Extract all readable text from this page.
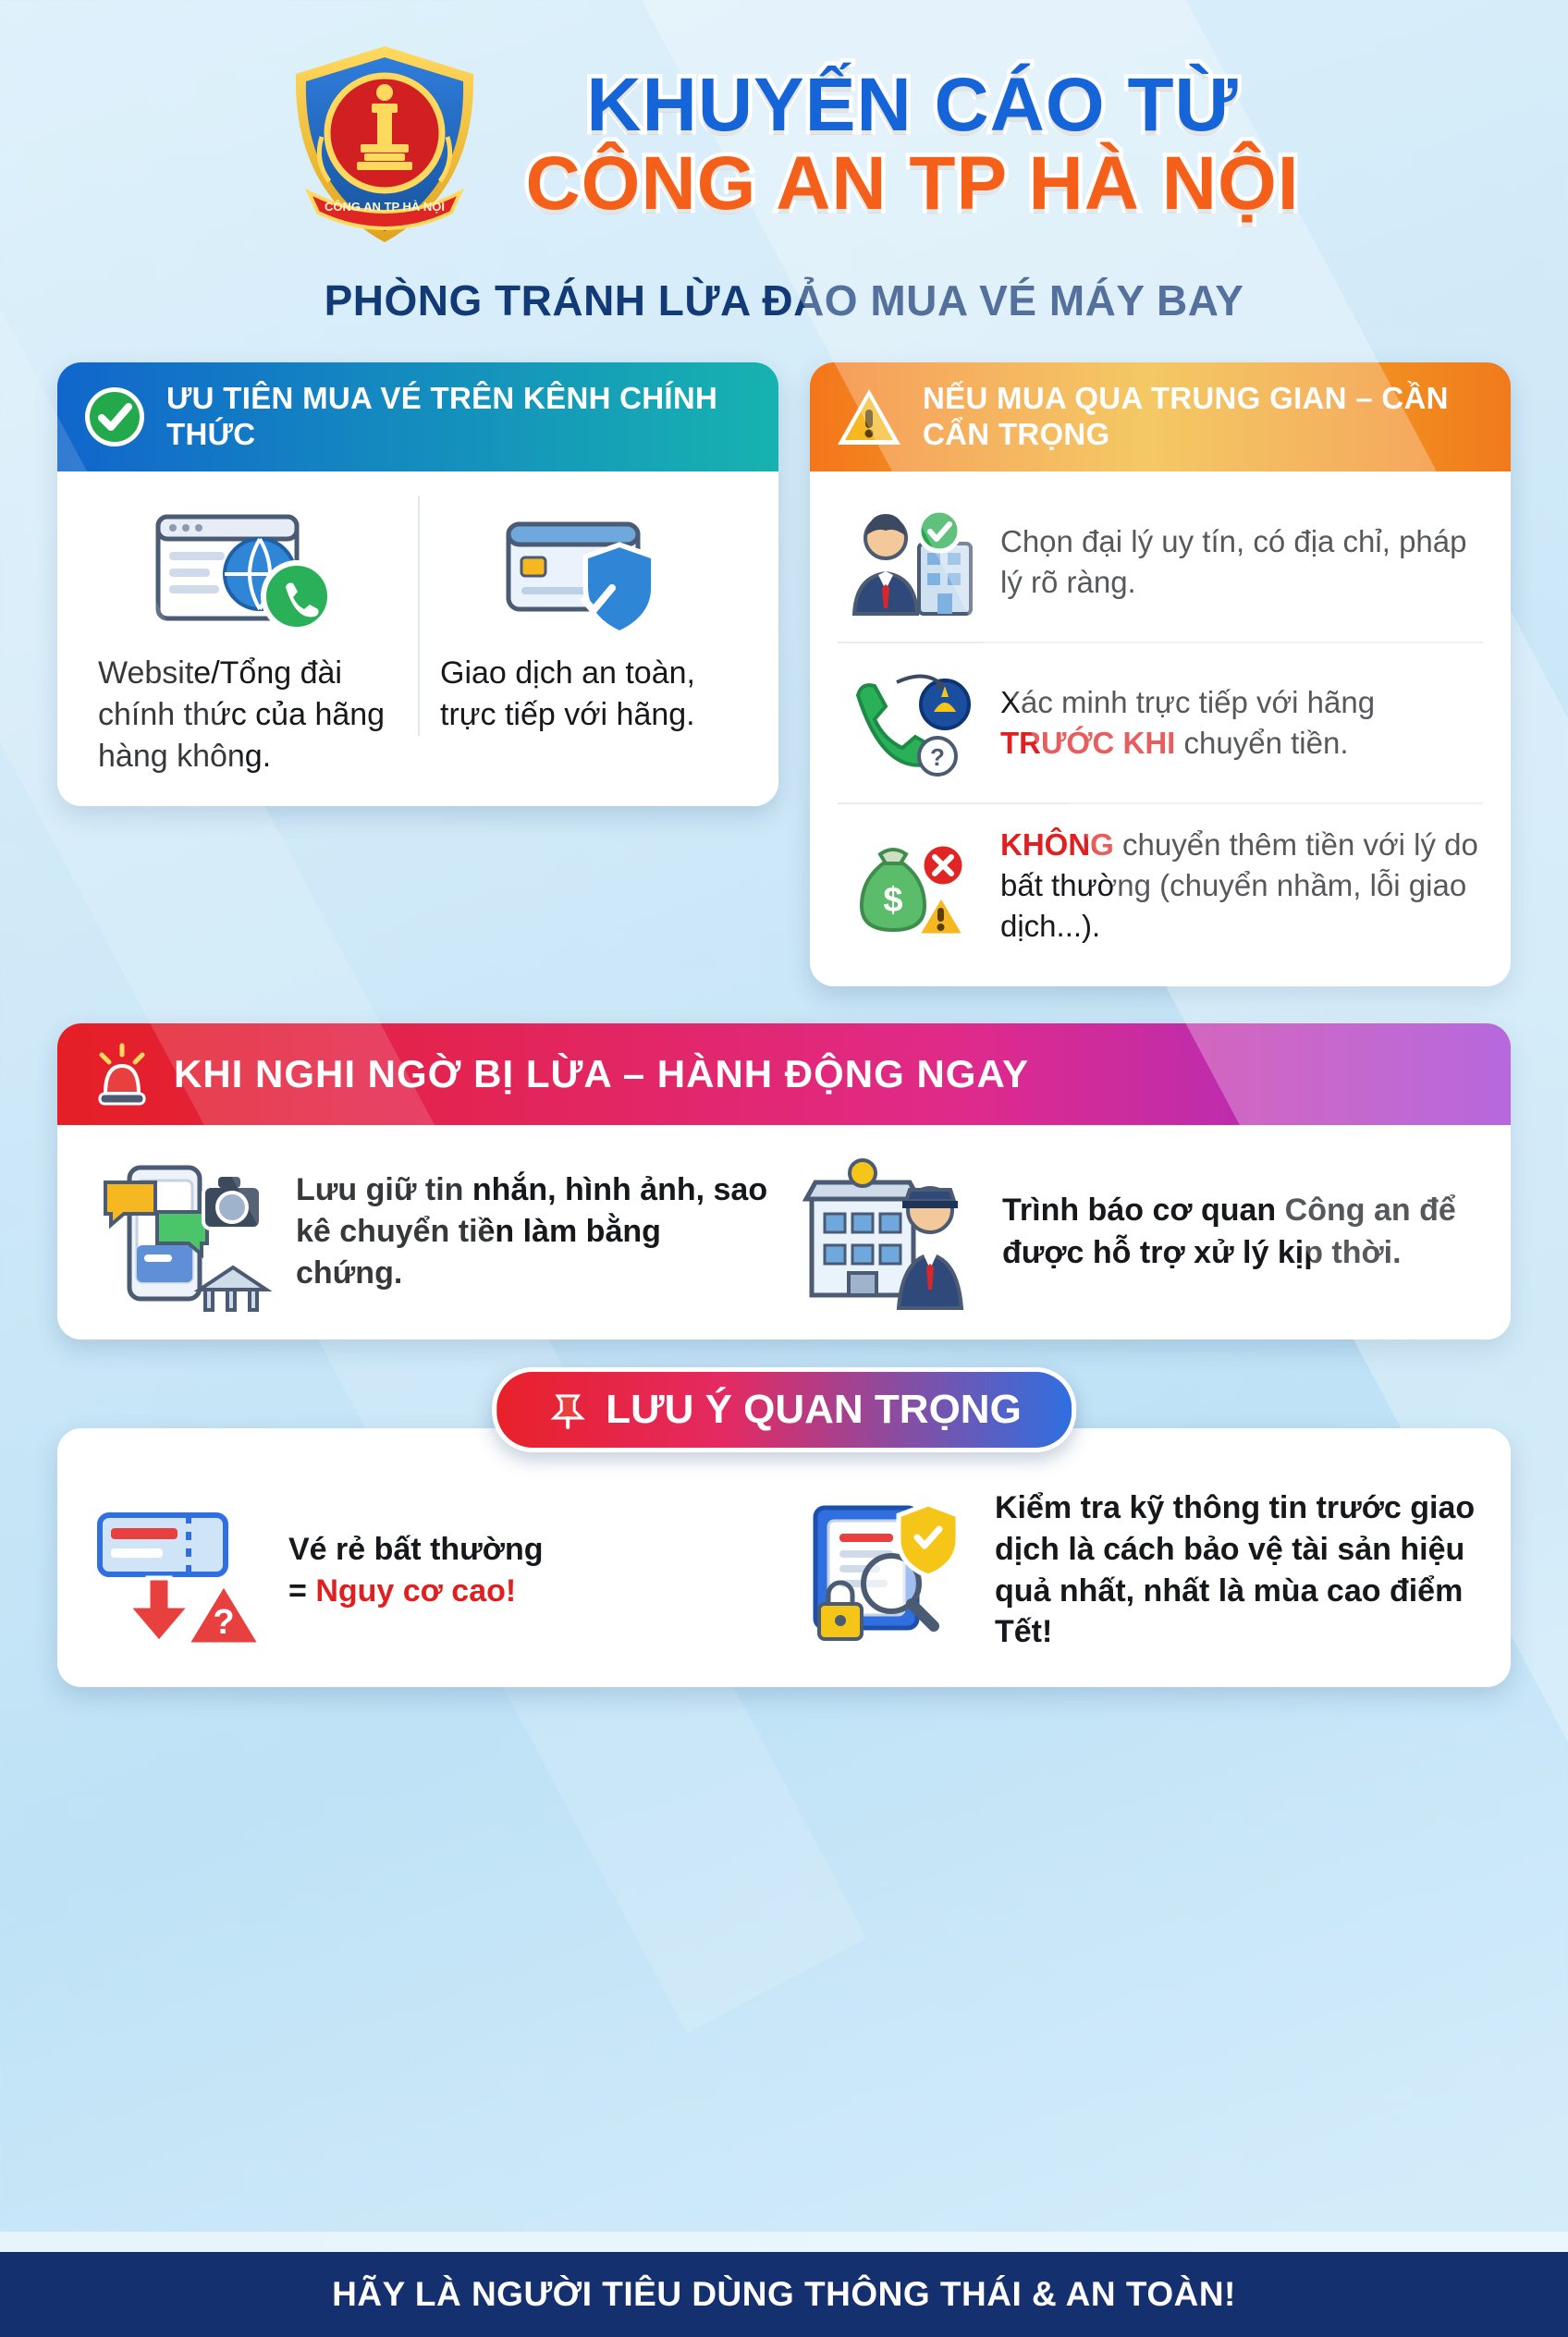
CÔNG AN TP HÀ NỘI
KHUYẾN CÁO TỪ
CÔNG AN TP HÀ NỘI
PHÒNG TRÁNH LỪA ĐẢO MUA VÉ MÁY BAY
ƯU TIÊN MUA VÉ TRÊN KÊNH CHÍNH THỨC
Website/Tổng đài chính thức của hãng hàng không.
Giao dịch an toàn, trực tiếp với hãng.
NẾU MUA QUA TRUNG GIAN – CẦN CẨN TRỌNG
Chọn đại lý uy tín, có địa chỉ, pháp lý rõ ràng.
?
Xác minh trực tiếp với hãng TRƯỚC KHI chuyển tiền.
$
KHÔNG chuyển thêm tiền với lý do bất thường (chuyển nhầm, lỗi giao dịch...).
KHI NGHI NGỜ BỊ LỪA – HÀNH ĐỘNG NGAY
Lưu giữ tin nhắn, hình ảnh, sao kê chuyển tiền làm bằng chứng.
Trình báo cơ quan Công an để được hỗ trợ xử lý kịp thời.
LƯU Ý QUAN TRỌNG
?
Vé rẻ bất thường
= Nguy cơ cao!
Kiểm tra kỹ thông tin trước giao dịch là cách bảo vệ tài sản hiệu quả nhất, nhất là mùa cao điểm Tết!
HÃY LÀ NGƯỜI TIÊU DÙNG THÔNG THÁI & AN TOÀN!
